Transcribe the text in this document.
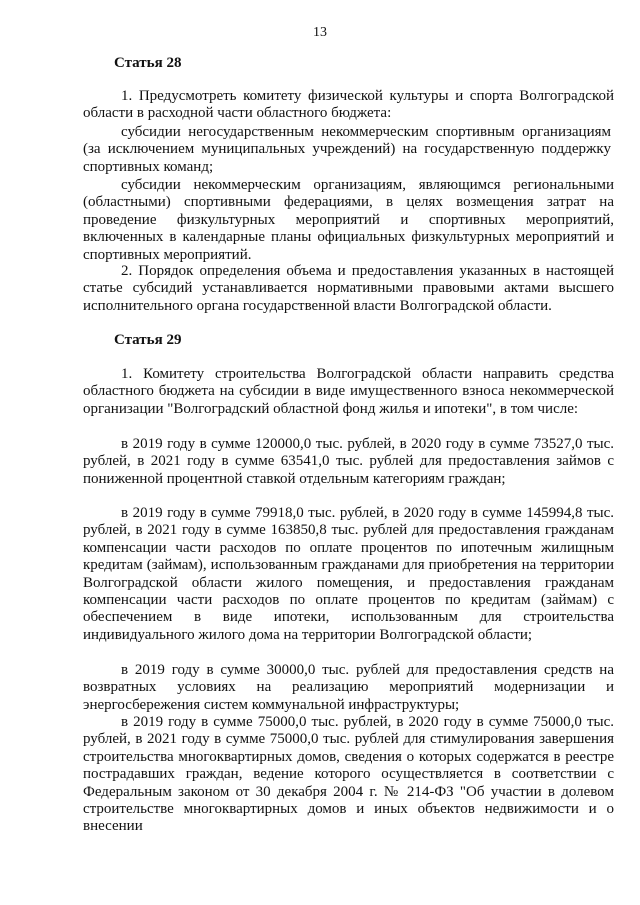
13
Статья 28

1. Предусмотреть комитету физической культуры и спорта Волгоградской области в расходной части областного бюджета:

субсидии негосударственным некоммерческим спортивным организациям (за исключением муниципальных учреждений) на государственную поддержку спортивных команд;

субсидии некоммерческим организациям, являющимся региональными (областными) спортивными федерациями, в целях возмещения затрат на проведение физкультурных мероприятий и спортивных мероприятий, включенных в календарные планы официальных физкультурных мероприятий и спортивных мероприятий.

2. Порядок определения объема и предоставления указанных в настоящей статье субсидий устанавливается нормативными правовыми актами высшего исполнительного органа государственной власти Волгоградской области.

Статья 29

1. Комитету строительства Волгоградской области направить средства областного бюджета на субсидии в виде имущественного взноса некоммерческой организации "Волгоградский областной фонд жилья и ипотеки", в том числе:

в 2019 году в сумме 120000,0 тыс. рублей, в 2020 году в сумме 73527,0 тыс. рублей, в 2021 году в сумме 63541,0 тыс. рублей для предоставления займов с пониженной процентной ставкой отдельным категориям граждан;

в 2019 году в сумме 79918,0 тыс. рублей, в 2020 году в сумме 145994,8 тыс. рублей, в 2021 году в сумме 163850,8 тыс. рублей для предоставления гражданам компенсации части расходов по оплате процентов по ипотечным жилищным кредитам (займам), использованным гражданами для приобретения на территории Волгоградской области жилого помещения, и предоставления гражданам компенсации части расходов по оплате процентов по кредитам (займам) с обеспечением в виде ипотеки, использованным для строительства индивидуального жилого дома на территории Волгоградской области;

в 2019 году в сумме 30000,0 тыс. рублей для предоставления средств на возвратных условиях на реализацию мероприятий модернизации и энергосбережения систем коммунальной инфраструктуры;

в 2019 году в сумме 75000,0 тыс. рублей, в 2020 году в сумме 75000,0 тыс. рублей, в 2021 году в сумме 75000,0 тыс. рублей для стимулирования завершения строительства многоквартирных домов, сведения о которых содержатся в реестре пострадавших граждан, ведение которого осуществляется в соответствии с Федеральным законом от 30 декабря 2004 г. № 214-ФЗ "Об участии в долевом строительстве многоквартирных домов и иных объектов недвижимости и о внесении
